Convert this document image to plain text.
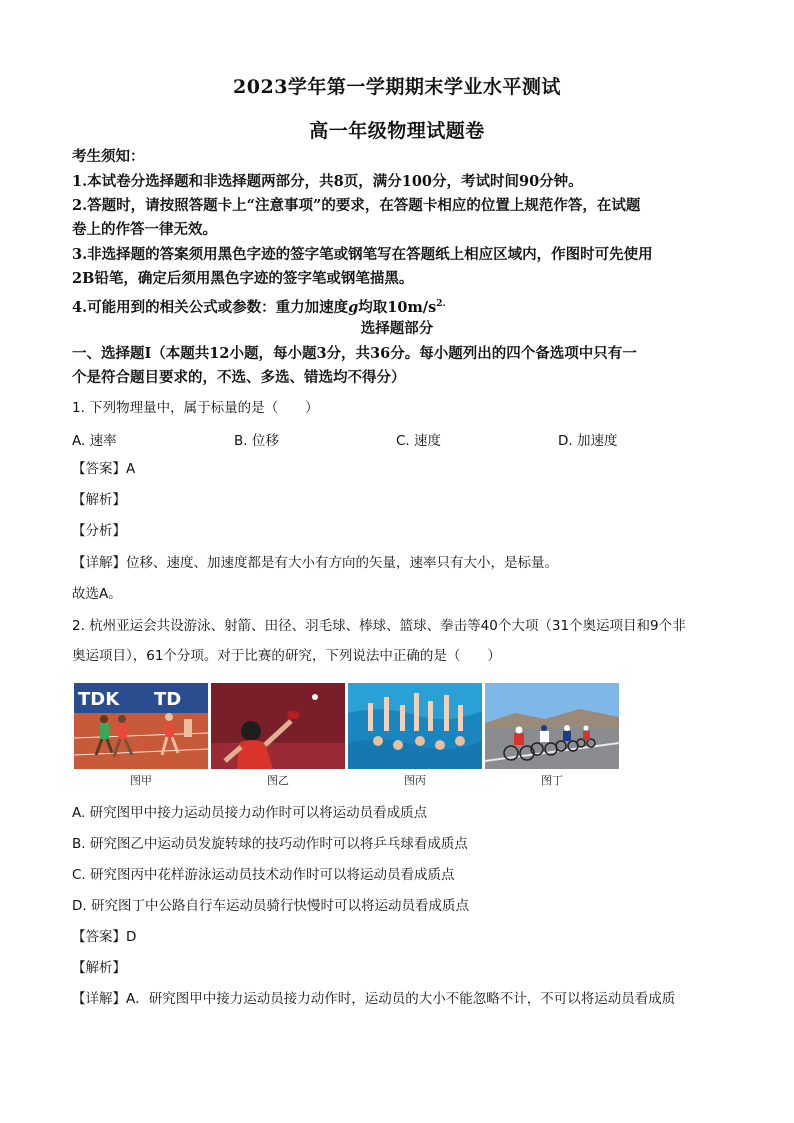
2023学年第一学期期末学业水平测试
高一年级物理试题卷
考生须知：
1.本试卷分选择题和非选择题两部分，共8页，满分100分，考试时间90分钟。
2.答题时，请按照答题卡上“注意事项”的要求，在答题卡相应的位置上规范作答，在试题
卷上的作答一律无效。
3.非选择题的答案须用黑色字迹的签字笔或钢笔写在答题纸上相应区域内，作图时可先使用
2B铅笔，确定后须用黑色字迹的签字笔或钢笔描黑。
4.可能用到的相关公式或参数：重力加速度g均取$10m/s^{2.}$
选择题部分
一、选择题Ⅰ（本题共12小题，每小题3分，共36分。每小题列出的四个备选项中只有一
个是符合题目要求的，不选、多选、错选均不得分）
1. 下列物理量中，属于标量的是（　　）
A. 速率	B. 位移	C. 速度	D. 加速度
【答案】A
【解析】
【分析】
【详解】位移、速度、加速度都是有大小有方向的矢量，速率只有大小，是标量。
故选A。
2. 杭州亚运会共设游泳、射箭、田径、羽毛球、棒球、篮球、拳击等40个大项（31个奥运项目和9个非
奥运项目），61个分项。对于比赛的研究，下列说法中正确的是（　　）
TDK TD
图甲	图乙	图丙	图丁
A. 研究图甲中接力运动员接力动作时可以将运动员看成质点
B. 研究图乙中运动员发旋转球的技巧动作时可以将乒乓球看成质点
C. 研究图丙中花样游泳运动员技术动作时可以将运动员看成质点
D. 研究图丁中公路自行车运动员骑行快慢时可以将运动员看成质点
【答案】D
【解析】
【详解】A．研究图甲中接力运动员接力动作时，运动员的大小不能忽略不计，不可以将运动员看成质
